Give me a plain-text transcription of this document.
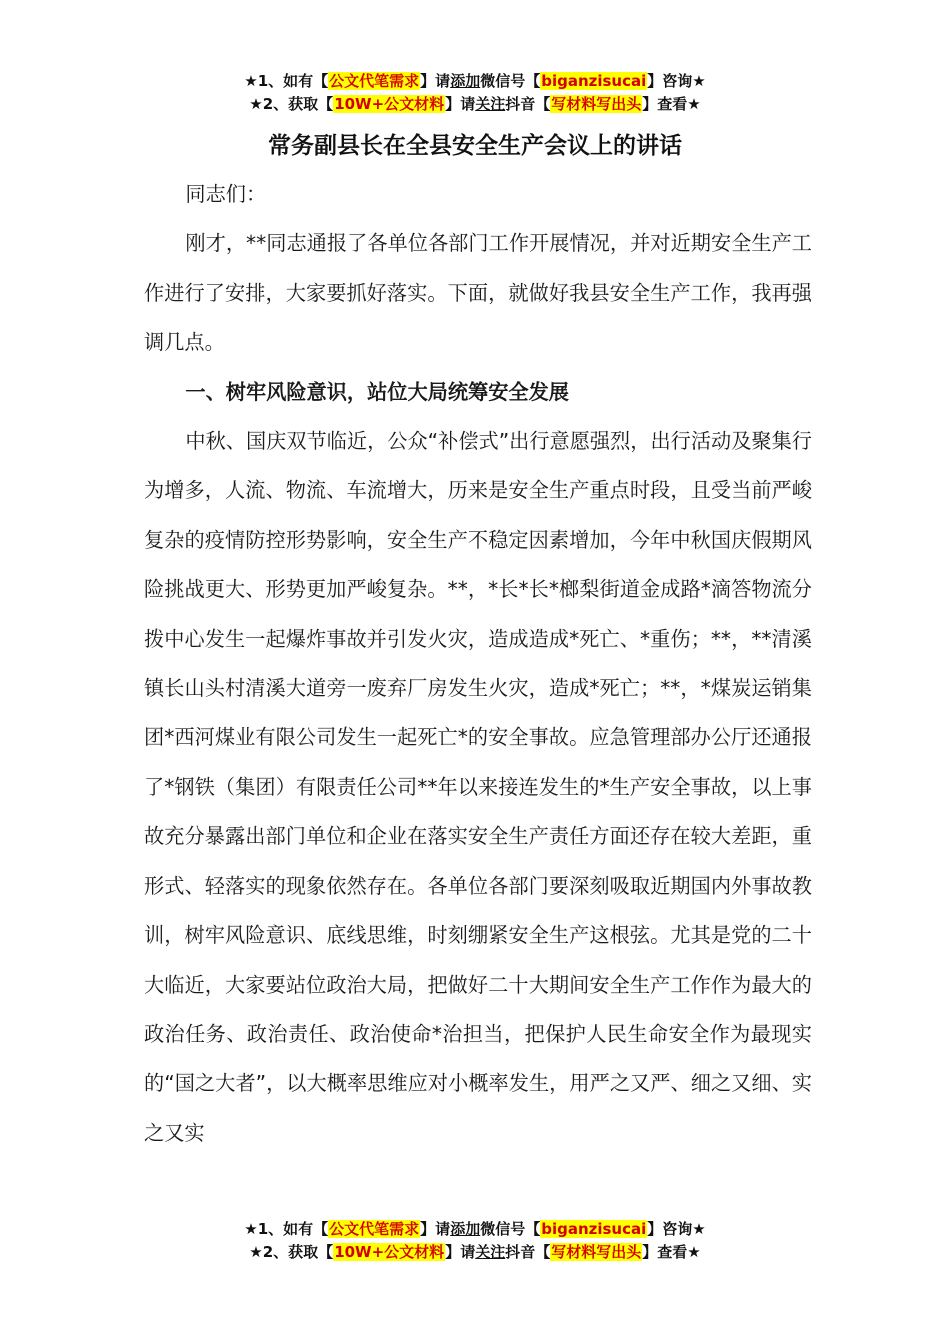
★1、如有【公文代笔需求】请添加微信号【biganzisucai】咨询★
★2、获取【10W+公文材料】请关注抖音【写材料写出头】查看★
常务副县长在全县安全生产会议上的讲话

同志们：

刚才，**同志通报了各单位各部门工作开展情况，并对近期安全生产工作进行了安排，大家要抓好落实。下面，就做好我县安全生产工作，我再强调几点。

一、树牢风险意识，站位大局统筹安全发展

中秋、国庆双节临近，公众“补偿式”出行意愿强烈，出行活动及聚集行为增多，人流、物流、车流增大，历来是安全生产重点时段，且受当前严峻复杂的疫情防控形势影响，安全生产不稳定因素增加，今年中秋国庆假期风险挑战更大、形势更加严峻复杂。**，*长*长*榔梨街道金成路*滴答物流分拨中心发生一起爆炸事故并引发火灾，造成造成*死亡、*重伤；**，**清溪镇长山头村清溪大道旁一废弃厂房发生火灾，造成*死亡；**，*煤炭运销集团*西河煤业有限公司发生一起死亡*的安全事故。应急管理部办公厅还通报了*钢铁（集团）有限责任公司**年以来接连发生的*生产安全事故，以上事故充分暴露出部门单位和企业在落实安全生产责任方面还存在较大差距，重形式、轻落实的现象依然存在。各单位各部门要深刻吸取近期国内外事故教训，树牢风险意识、底线思维，时刻绷紧安全生产这根弦。尤其是党的二十大临近，大家要站位政治大局，把做好二十大期间安全生产工作作为最大的政治任务、政治责任、政治使命*治担当，把保护人民生命安全作为最现实的“国之大者”，以大概率思维应对小概率发生，用严之又严、细之又细、实之又实

★1、如有【公文代笔需求】请添加微信号【biganzisucai】咨询★
★2、获取【10W+公文材料】请关注抖音【写材料写出头】查看★
